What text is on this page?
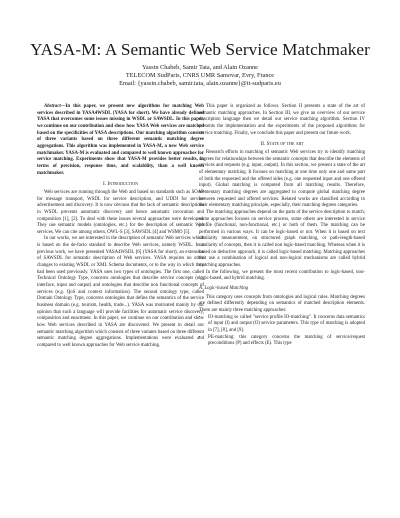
YASA-M: A Semantic Web Service Matchmaker
Yassin Chabeb, Samir Tata, and Alain Ozanne
TELECOM SudParis, CNRS UMR Samovar, Evry, France
Email: {yassin.chabeb, samir.tata, alain.ozanne}@it-sudparis.eu

Abstract—In this paper, we present new algorithms for matching Web services described in YASA4WSDL (YASA for short). We have already defined YASA that overcomes some issues missing in WSDL or SAWSDL. In this paper, we continue on our contribution and show how YASA Web services are matched based on the specificities of YASA descriptions. Our matching algorithm consists of three variants based on three different semantic matching degree aggregations. This algorithm was implemented in YASA-M, a new Web service matchmaker. YASA-M is evaluated and compared to well known approaches for service matching. Experiments show that YASA-M provides better results, in terms of precision, response time, and scalability, than a well known matchmaker.

I. Introduction

Web services are running through the Web and based on standards such as SOAP for message transport, WSDL for service description, and UDDI for service advertisement and discovery. It is now obvious that the lack of semantic descriptions in WSDL prevents automatic discovery and hence automatic invocation and composition [1], [2]. To deal with these issues several approaches were developed. They use semantic models (ontologies, etc.) for the description of semantic Web services. We can cite among others, OWL-S [3], SAWSDL [4] and WSMO [5].

In our works, we are interested in the description of semantic Web services which is based on the de-facto standard to describe Web services, namely WSDL. In a previous work, we have presented YASA4WSDL [6] (YASA for short), an extension of SAWSDL for semantic description of Web services. YASA requires no other changes to existing WSDL or XML Schema documents, or to the way in which they had been used previously. YASA uses two types of ontologies. The first one, called Technical Ontology Type, concerns ontologies that describe service concepts (e.g. interface, input and output) and ontologies that describe non functional concepts of services (e.g. QoS and context information). The second ontology type, called Domain Ontology Type, concerns ontologies that define the semantics of the service business domain (e.g. tourism, health, trade...). YASA was motivated mainly by our opinion that such a language will provide facilities for automatic service discovery, composition and enactment. In this paper, we continue on our contribution and show how Web services described in YASA are discovered. We present in detail our semantic matching algorithm which consists of three variants based on three different semantic matching degree aggregations. Implementations were evaluated and compared to well known approaches for Web service matching.

This paper is organized as follows. Section II presents a state of the art of semantic matching approaches. In Section III, we give an overview of our service description language then we detail our service matching algorithm. Section IV presents the implementation and the experiments of the proposed algorithms for service matching. Finally, we conclude this paper and present our future work.

II. State of the art

Research efforts in matching of semantic Web services try to identify matching degrees for relationships between the semantic concepts that describe the elements of services and requests (e.g. input, output). In this section, we present a state of the art of elementary matching. It focuses on matching at one time only one and same part of both the requested and the offered sides (e.g. one requested input and one offered input). Global matching is computed from all matching results. Therefore, elementary matching degrees are aggregated to compute global matching degree between requested and offered services. Related works are classified according to their elementary matching principle, especially, their matching degrees categories.

The matching approaches depend on the parts of the service description to match; some approaches focuses on service process, some others are interested in service profile (functional, non-functional, etc.) or both of them. The matching can be performed in various ways. It can be logic-based or not. When it is based on text similarity measurement, on structured graph matching, or path-length-based similarity of concepts, then it is called non logic-based matching. Whereas when it is based on deductive approach, it is called logic-based matching. Matching approaches that use a combination of logical and non-logical mechanisms are called hybrid matching approaches.

In the following, we present the most recent contribution to logic-based, non-logic-based, and hybrid matching.

A. Logic-based Matching

This category uses concepts from ontologies and logical rules. Matching degrees are defined differently depending on semantics of matched description elements. There are mainly three matching approaches:

• IO-matching so called "service profile IO-matching". It concerns data semantics of input (I) and output (O) service parameters. This type of matching is adopted in [7], [8], and [9].
• PE-matching: this category concerns the matching of service/request preconditions (P) and effects (E). This type
